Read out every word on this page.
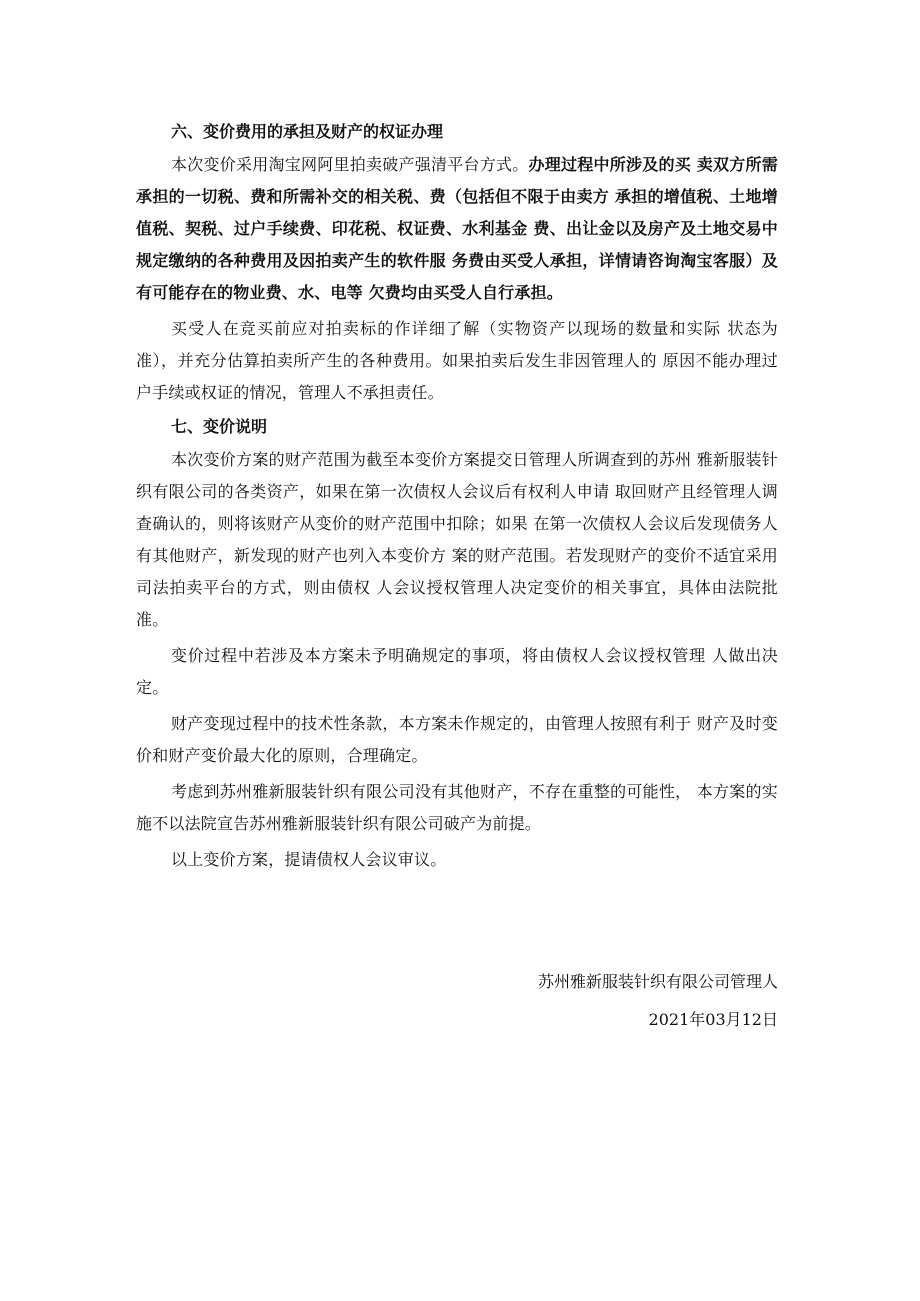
六、变价费用的承担及财产的权证办理

本次变价采用淘宝网阿里拍卖破产强清平台方式。办理过程中所涉及的买 卖双方所需承担的一切税、费和所需补交的相关税、费（包括但不限于由卖方 承担的增值税、土地增值税、契税、过户手续费、印花税、权证费、水利基金 费、出让金以及房产及土地交易中规定缴纳的各种费用及因拍卖产生的软件服 务费由买受人承担，详情请咨询淘宝客服）及有可能存在的物业费、水、电等 欠费均由买受人自行承担。

买受人在竞买前应对拍卖标的作详细了解（实物资产以现场的数量和实际 状态为准），并充分估算拍卖所产生的各种费用。如果拍卖后发生非因管理人的 原因不能办理过户手续或权证的情况，管理人不承担责任。

七、变价说明

本次变价方案的财产范围为截至本变价方案提交日管理人所调查到的苏州 雅新服装针织有限公司的各类资产，如果在第一次债权人会议后有权利人申请 取回财产且经管理人调查确认的，则将该财产从变价的财产范围中扣除；如果 在第一次债权人会议后发现债务人有其他财产，新发现的财产也列入本变价方 案的财产范围。若发现财产的变价不适宜采用司法拍卖平台的方式，则由债权 人会议授权管理人决定变价的相关事宜，具体由法院批准。

变价过程中若涉及本方案未予明确规定的事项，将由债权人会议授权管理 人做出决定。

财产变现过程中的技术性条款，本方案未作规定的，由管理人按照有利于 财产及时变价和财产变价最大化的原则，合理确定。

考虑到苏州雅新服装针织有限公司没有其他财产，不存在重整的可能性， 本方案的实施不以法院宣告苏州雅新服装针织有限公司破产为前提。

以上变价方案，提请债权人会议审议。

苏州雅新服装针织有限公司管理人
2021年03月12日
